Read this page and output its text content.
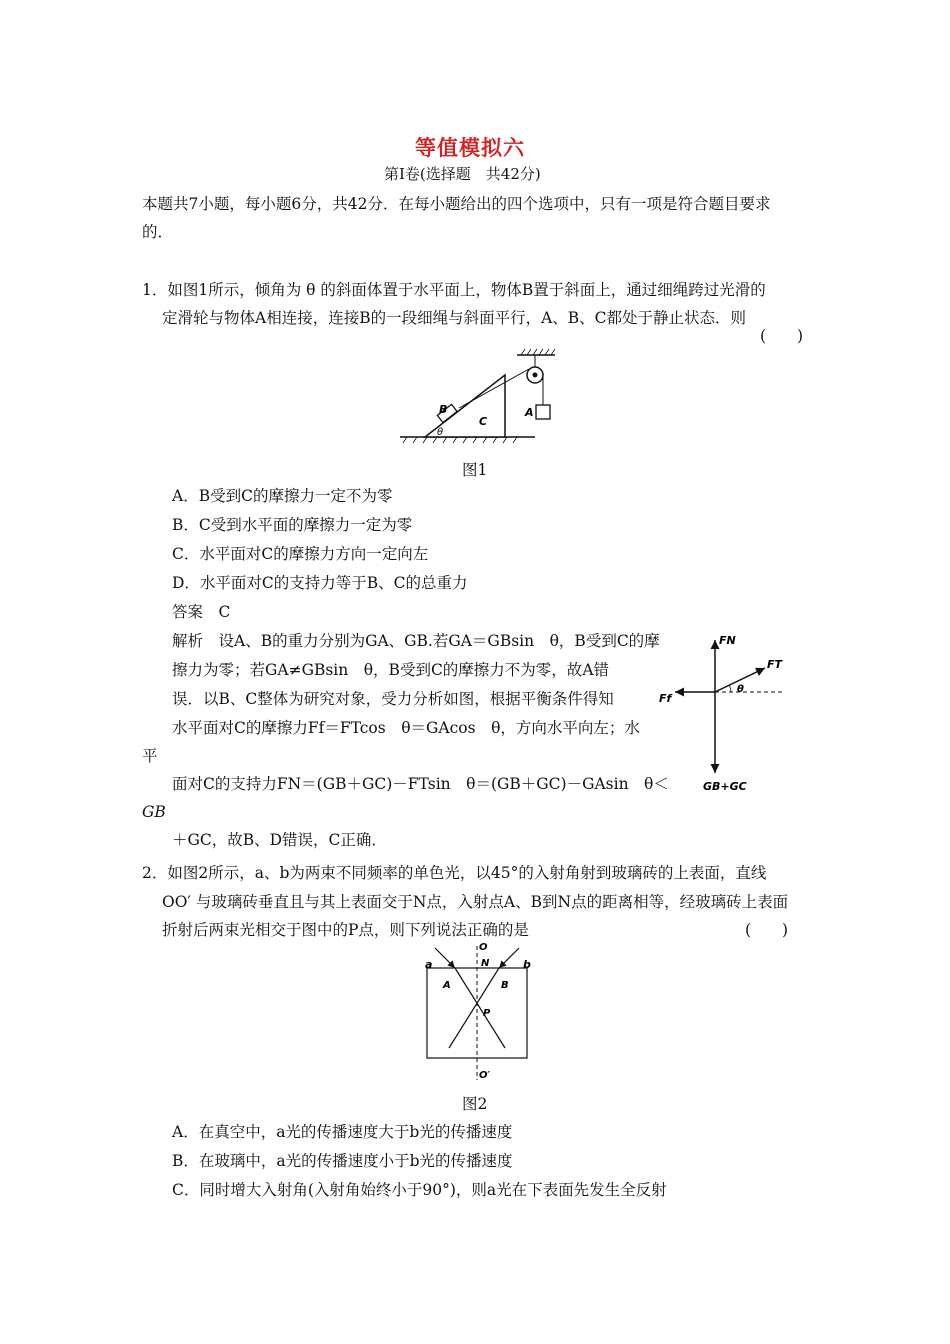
等值模拟六
第Ⅰ卷(选择题　共42分)
本题共7小题，每小题6分，共42分．在每小题给出的四个选项中，只有一项是符合题目要求
的．
1．如图1所示，倾角为 θ 的斜面体置于水平面上，物体B置于斜面上，通过细绳跨过光滑的
定滑轮与物体A相连接，连接B的一段细绳与斜面平行，A、B、C都处于静止状态．则
(　　)
B
C
A
θ
图1
A．B受到C的摩擦力一定不为零
B．C受到水平面的摩擦力一定为零
C．水平面对C的摩擦力方向一定向左
D．水平面对C的支持力等于B、C的总重力
答案　C
解析　设A、B的重力分别为GA、GB.若GA＝GBsin　θ，B受到C的摩
擦力为零；若GA≠GBsin　θ，B受到C的摩擦力不为零，故A错
误．以B、C整体为研究对象，受力分析如图，根据平衡条件得知
水平面对C的摩擦力Ff＝FTcos　θ＝GAcos　θ，方向水平向左；水
平
面对C的支持力FN＝(GB＋GC)－FTsin　θ＝(GB＋GC)－GAsin　θ＜
GB
＋GC，故B、D错误，C正确．
FN
FT
Ff
θ
GB+GC
2．如图2所示，a、b为两束不同频率的单色光，以45°的入射角射到玻璃砖的上表面，直线
OO′ 与玻璃砖垂直且与其上表面交于N点，入射点A、B到N点的距离相等，经玻璃砖上表面
折射后两束光相交于图中的P点，则下列说法正确的是	(　　)
O
N
a	b
A	B
P
O′
图2
A．在真空中，a光的传播速度大于b光的传播速度
B．在玻璃中，a光的传播速度小于b光的传播速度
C．同时增大入射角(入射角始终小于90°)，则a光在下表面先发生全反射
